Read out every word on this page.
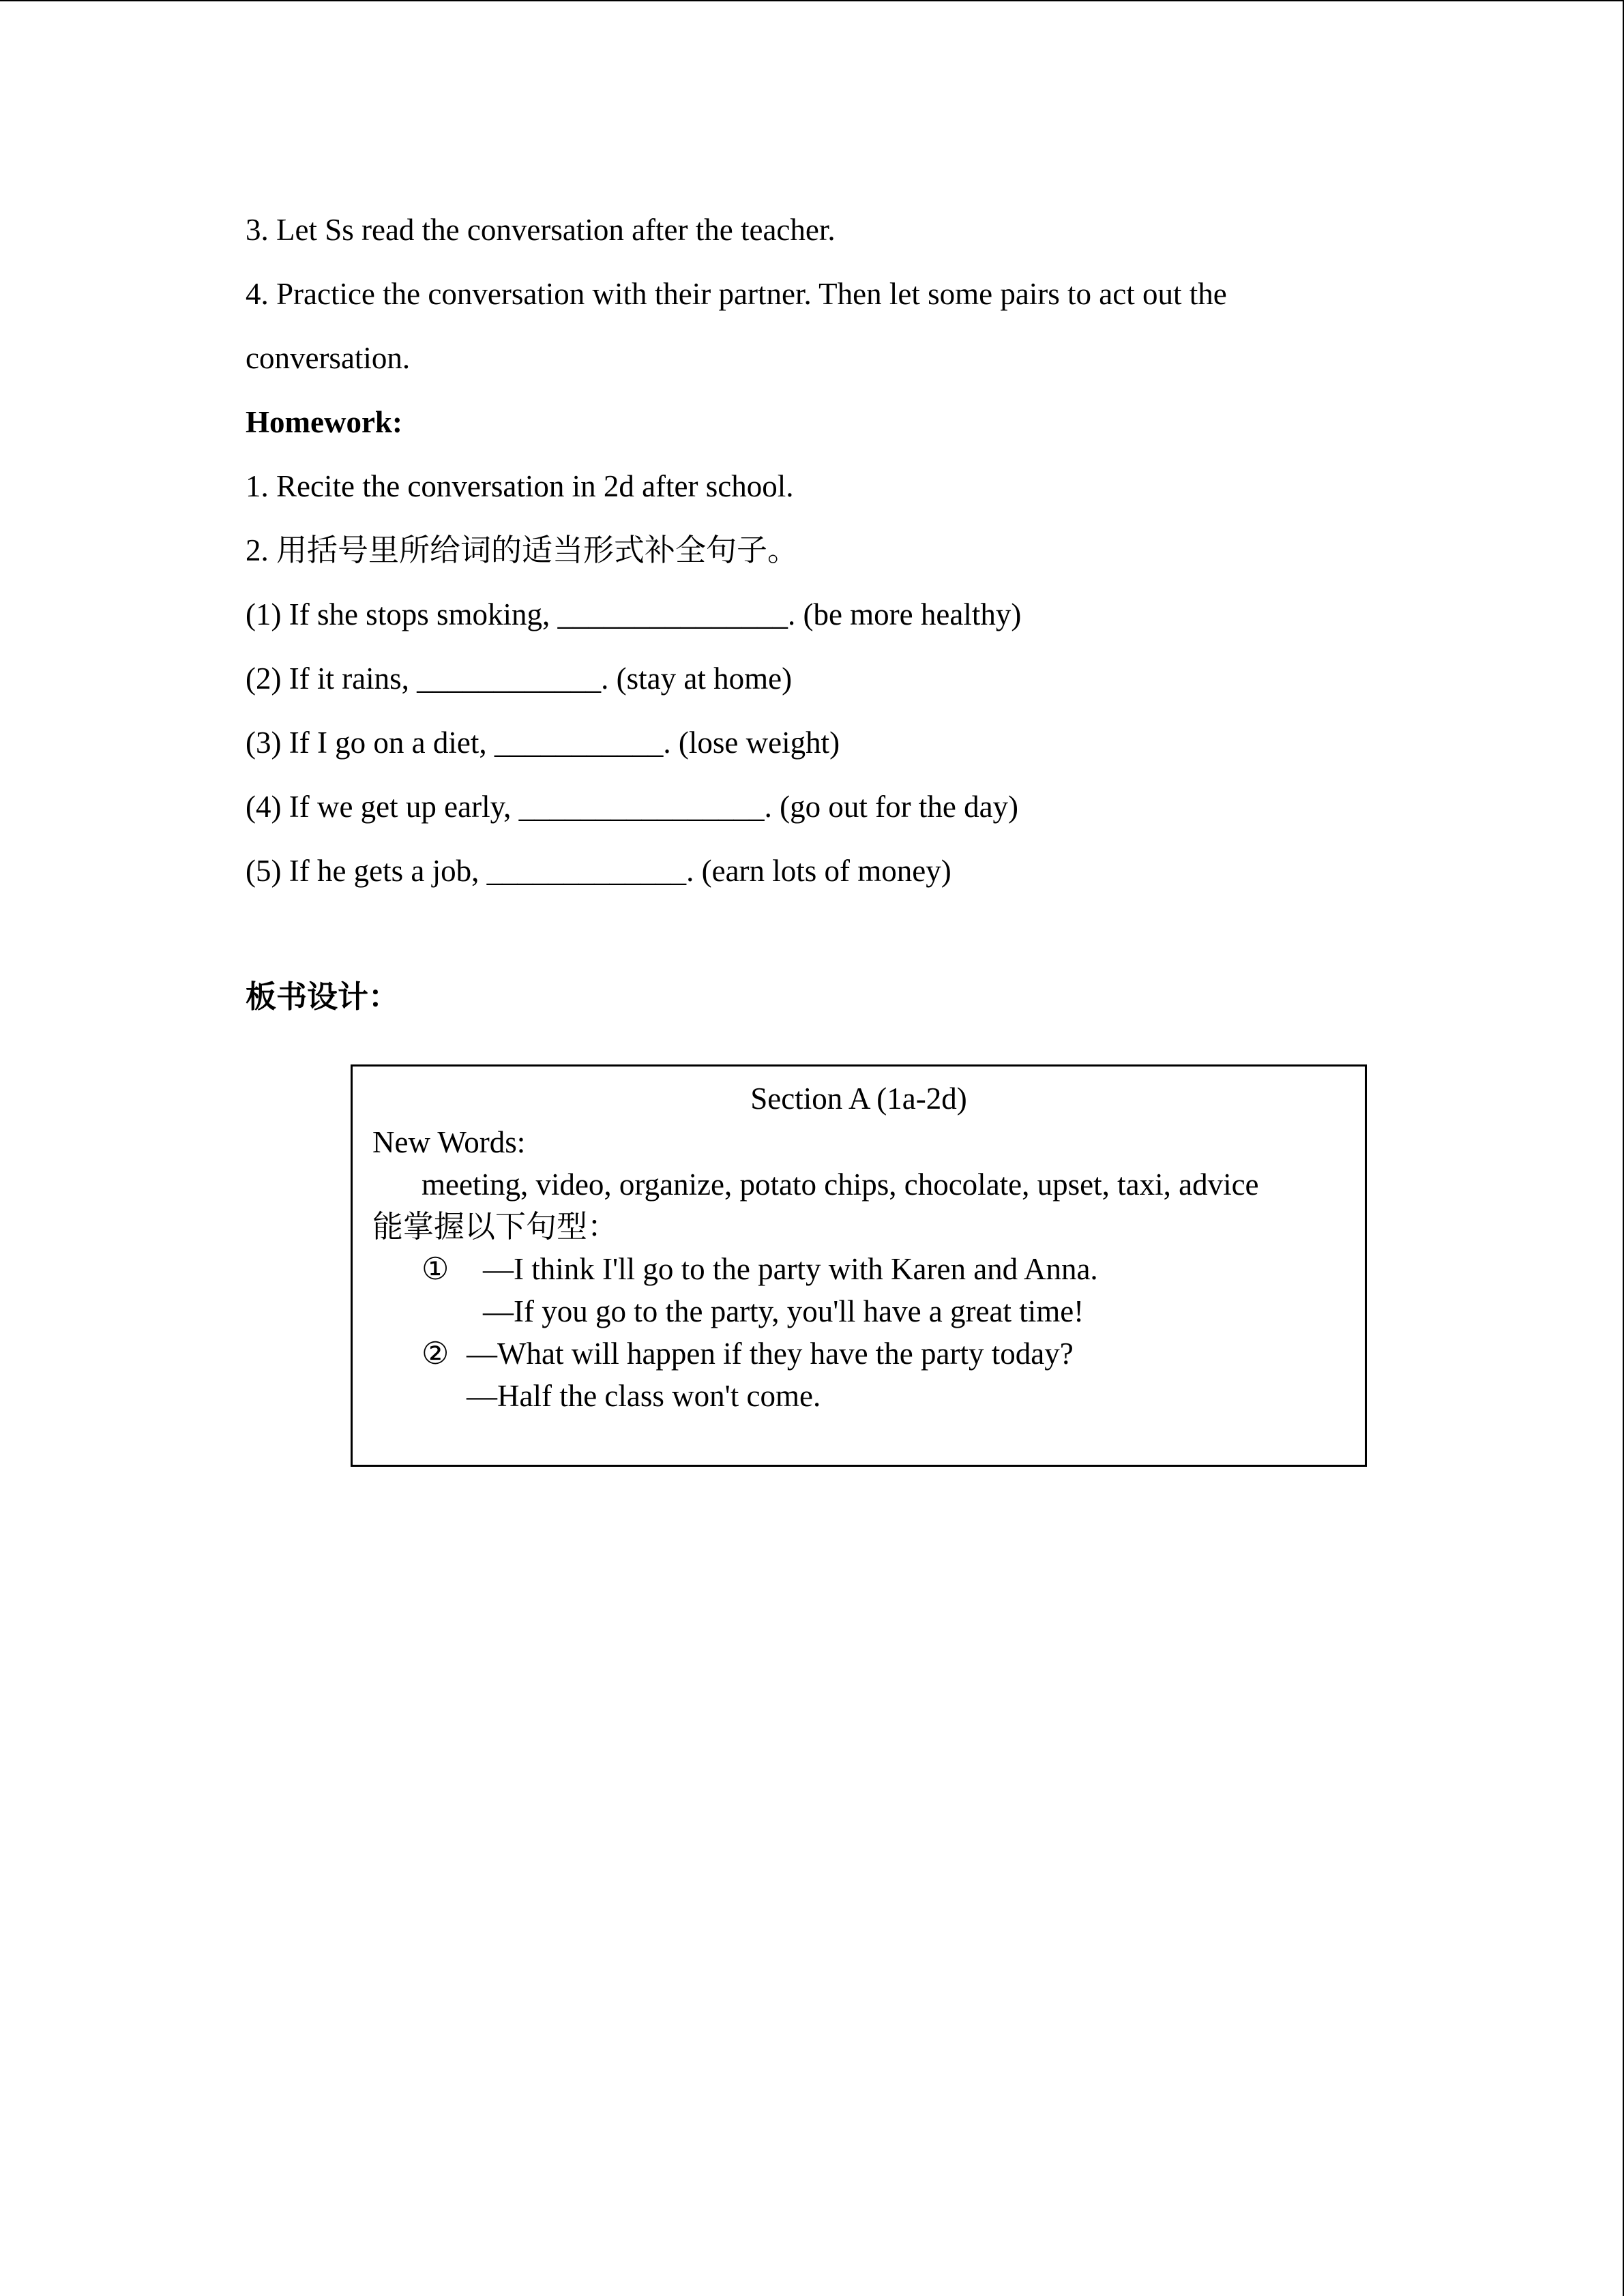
3. Let Ss read the conversation after the teacher.

4. Practice the conversation with their partner. Then let some pairs to act out the

conversation.

Homework:

1. Recite the conversation in 2d after school.

2. 用括号里所给词的适当形式补全句子。

(1) If she stops smoking, _______________. (be more healthy)

(2) If it rains, ____________. (stay at home)

(3) If I go on a diet, ___________. (lose weight)

(4) If we get up early, ________________. (go out for the day)

(5) If he gets a job, _____________. (earn lots of money)

板书设计：
Section A (1a-2d)
New Words:
meeting, video, organize, potato chips, chocolate, upset, taxi, advice
能掌握以下句型：
① —I think I'll go to the party with Karen and Anna.
—If you go to the party, you'll have a great time!
② —What will happen if they have the party today?
—Half the class won't come.
